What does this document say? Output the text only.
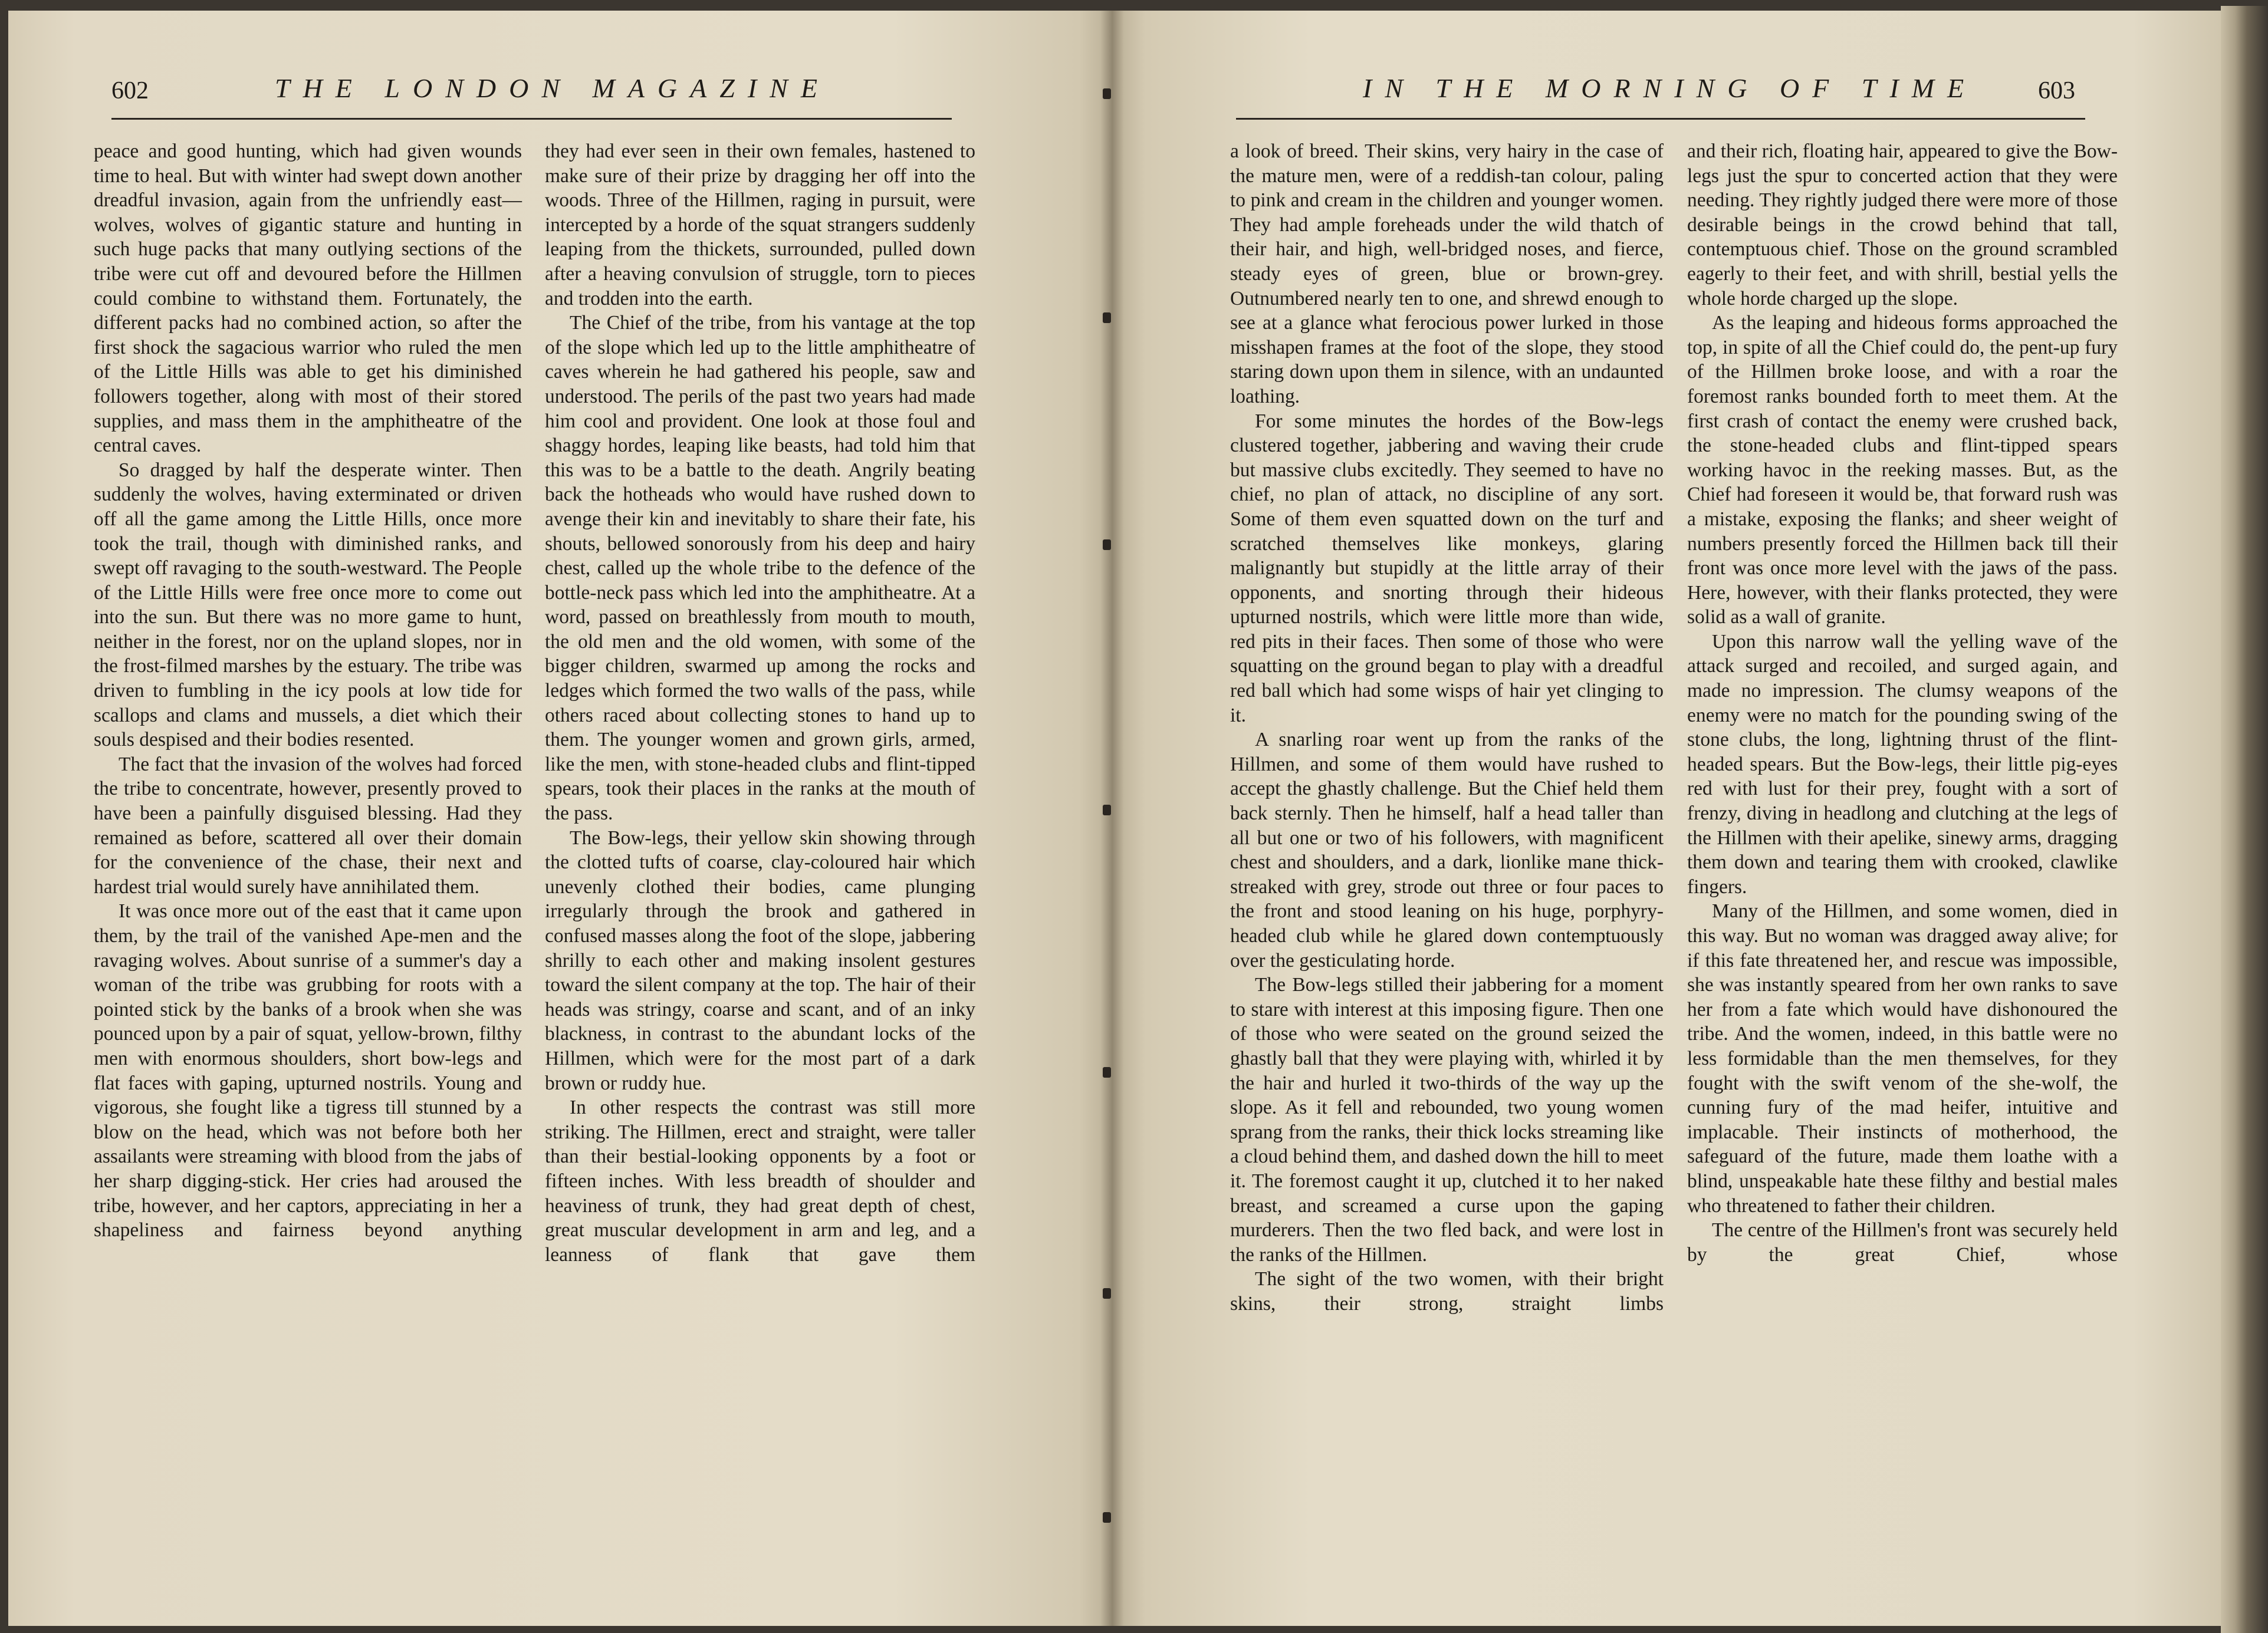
602	THE LONDON MAGAZINE

peace and good hunting, which had given wounds time to heal. But with winter had swept down another dreadful invasion, again from the unfriendly east—wolves, wolves of gigantic stature and hunting in such huge packs that many outlying sections of the tribe were cut off and devoured before the Hillmen could combine to withstand them. Fortunately, the different packs had no combined action, so after the first shock the sagacious warrior who ruled the men of the Little Hills was able to get his diminished followers together, along with most of their stored supplies, and mass them in the amphitheatre of the central caves.

So dragged by half the desperate winter. Then suddenly the wolves, having exterminated or driven off all the game among the Little Hills, once more took the trail, though with diminished ranks, and swept off ravaging to the south-westward. The People of the Little Hills were free once more to come out into the sun. But there was no more game to hunt, neither in the forest, nor on the upland slopes, nor in the frost-filmed marshes by the estuary. The tribe was driven to fumbling in the icy pools at low tide for scallops and clams and mussels, a diet which their souls despised and their bodies resented.

The fact that the invasion of the wolves had forced the tribe to concentrate, however, presently proved to have been a painfully disguised blessing. Had they remained as before, scattered all over their domain for the convenience of the chase, their next and hardest trial would surely have annihilated them.

It was once more out of the east that it came upon them, by the trail of the vanished Ape-men and the ravaging wolves. About sunrise of a summer's day a woman of the tribe was grubbing for roots with a pointed stick by the banks of a brook when she was pounced upon by a pair of squat, yellow-brown, filthy men with enormous shoulders, short bow-legs and flat faces with gaping, upturned nostrils. Young and vigorous, she fought like a tigress till stunned by a blow on the head, which was not before both her assailants were streaming with blood from the jabs of her sharp digging-stick. Her cries had aroused the tribe, however, and her captors, appreciating in her a shapeliness and fairness beyond anything

they had ever seen in their own females, hastened to make sure of their prize by dragging her off into the woods. Three of the Hillmen, raging in pursuit, were intercepted by a horde of the squat strangers suddenly leaping from the thickets, surrounded, pulled down after a heaving convulsion of struggle, torn to pieces and trodden into the earth.

The Chief of the tribe, from his vantage at the top of the slope which led up to the little amphitheatre of caves wherein he had gathered his people, saw and understood. The perils of the past two years had made him cool and provident. One look at those foul and shaggy hordes, leaping like beasts, had told him that this was to be a battle to the death. Angrily beating back the hotheads who would have rushed down to avenge their kin and inevitably to share their fate, his shouts, bellowed sonorously from his deep and hairy chest, called up the whole tribe to the defence of the bottle-neck pass which led into the amphitheatre. At a word, passed on breathlessly from mouth to mouth, the old men and the old women, with some of the bigger children, swarmed up among the rocks and ledges which formed the two walls of the pass, while others raced about collecting stones to hand up to them. The younger women and grown girls, armed, like the men, with stone-headed clubs and flint-tipped spears, took their places in the ranks at the mouth of the pass.

The Bow-legs, their yellow skin showing through the clotted tufts of coarse, clay-coloured hair which unevenly clothed their bodies, came plunging irregularly through the brook and gathered in confused masses along the foot of the slope, jabbering shrilly to each other and making insolent gestures toward the silent company at the top. The hair of their heads was stringy, coarse and scant, and of an inky blackness, in contrast to the abundant locks of the Hillmen, which were for the most part of a dark brown or ruddy hue.

In other respects the contrast was still more striking. The Hillmen, erect and straight, were taller than their bestial-looking opponents by a foot or fifteen inches. With less breadth of shoulder and heaviness of trunk, they had great depth of chest, great muscular development in arm and leg, and a leanness of flank that gave them

IN THE MORNING OF TIME 603

a look of breed. Their skins, very hairy in the case of the mature men, were of a reddish-tan colour, paling to pink and cream in the children and younger women. They had ample foreheads under the wild thatch of their hair, and high, well-bridged noses, and fierce, steady eyes of green, blue or brown-grey. Outnumbered nearly ten to one, and shrewd enough to see at a glance what ferocious power lurked in those misshapen frames at the foot of the slope, they stood staring down upon them in silence, with an undaunted loathing.

For some minutes the hordes of the Bow-legs clustered together, jabbering and waving their crude but massive clubs excitedly. They seemed to have no chief, no plan of attack, no discipline of any sort. Some of them even squatted down on the turf and scratched themselves like monkeys, glaring malignantly but stupidly at the little array of their opponents, and snorting through their hideous upturned nostrils, which were little more than wide, red pits in their faces. Then some of those who were squatting on the ground began to play with a dreadful red ball which had some wisps of hair yet clinging to it.

A snarling roar went up from the ranks of the Hillmen, and some of them would have rushed to accept the ghastly challenge. But the Chief held them back sternly. Then he himself, half a head taller than all but one or two of his followers, with magnificent chest and shoulders, and a dark, lionlike mane thick-streaked with grey, strode out three or four paces to the front and stood leaning on his huge, porphyry-headed club while he glared down contemptuously over the gesticulating horde.

The Bow-legs stilled their jabbering for a moment to stare with interest at this imposing figure. Then one of those who were seated on the ground seized the ghastly ball that they were playing with, whirled it by the hair and hurled it two-thirds of the way up the slope. As it fell and rebounded, two young women sprang from the ranks, their thick locks streaming like a cloud behind them, and dashed down the hill to meet it. The foremost caught it up, clutched it to her naked breast, and screamed a curse upon the gaping murderers. Then the two fled back, and were lost in the ranks of the Hillmen.

The sight of the two women, with their bright skins, their strong, straight limbs

and their rich, floating hair, appeared to give the Bow-legs just the spur to concerted action that they were needing. They rightly judged there were more of those desirable beings in the crowd behind that tall, contemptuous chief. Those on the ground scrambled eagerly to their feet, and with shrill, bestial yells the whole horde charged up the slope.

As the leaping and hideous forms approached the top, in spite of all the Chief could do, the pent-up fury of the Hillmen broke loose, and with a roar the foremost ranks bounded forth to meet them. At the first crash of contact the enemy were crushed back, the stone-headed clubs and flint-tipped spears working havoc in the reeking masses. But, as the Chief had foreseen it would be, that forward rush was a mistake, exposing the flanks; and sheer weight of numbers presently forced the Hillmen back till their front was once more level with the jaws of the pass. Here, however, with their flanks protected, they were solid as a wall of granite.

Upon this narrow wall the yelling wave of the attack surged and recoiled, and surged again, and made no impression. The clumsy weapons of the enemy were no match for the pounding swing of the stone clubs, the long, lightning thrust of the flint-headed spears. But the Bow-legs, their little pig-eyes red with lust for their prey, fought with a sort of frenzy, diving in headlong and clutching at the legs of the Hillmen with their apelike, sinewy arms, dragging them down and tearing them with crooked, clawlike fingers.

Many of the Hillmen, and some women, died in this way. But no woman was dragged away alive; for if this fate threatened her, and rescue was impossible, she was instantly speared from her own ranks to save her from a fate which would have dishonoured the tribe. And the women, indeed, in this battle were no less formidable than the men themselves, for they fought with the swift venom of the she-wolf, the cunning fury of the mad heifer, intuitive and implacable. Their instincts of motherhood, the safeguard of the future, made them loathe with a blind, unspeakable hate these filthy and bestial males who threatened to father their children.

The centre of the Hillmen's front was securely held by the great Chief, whose
